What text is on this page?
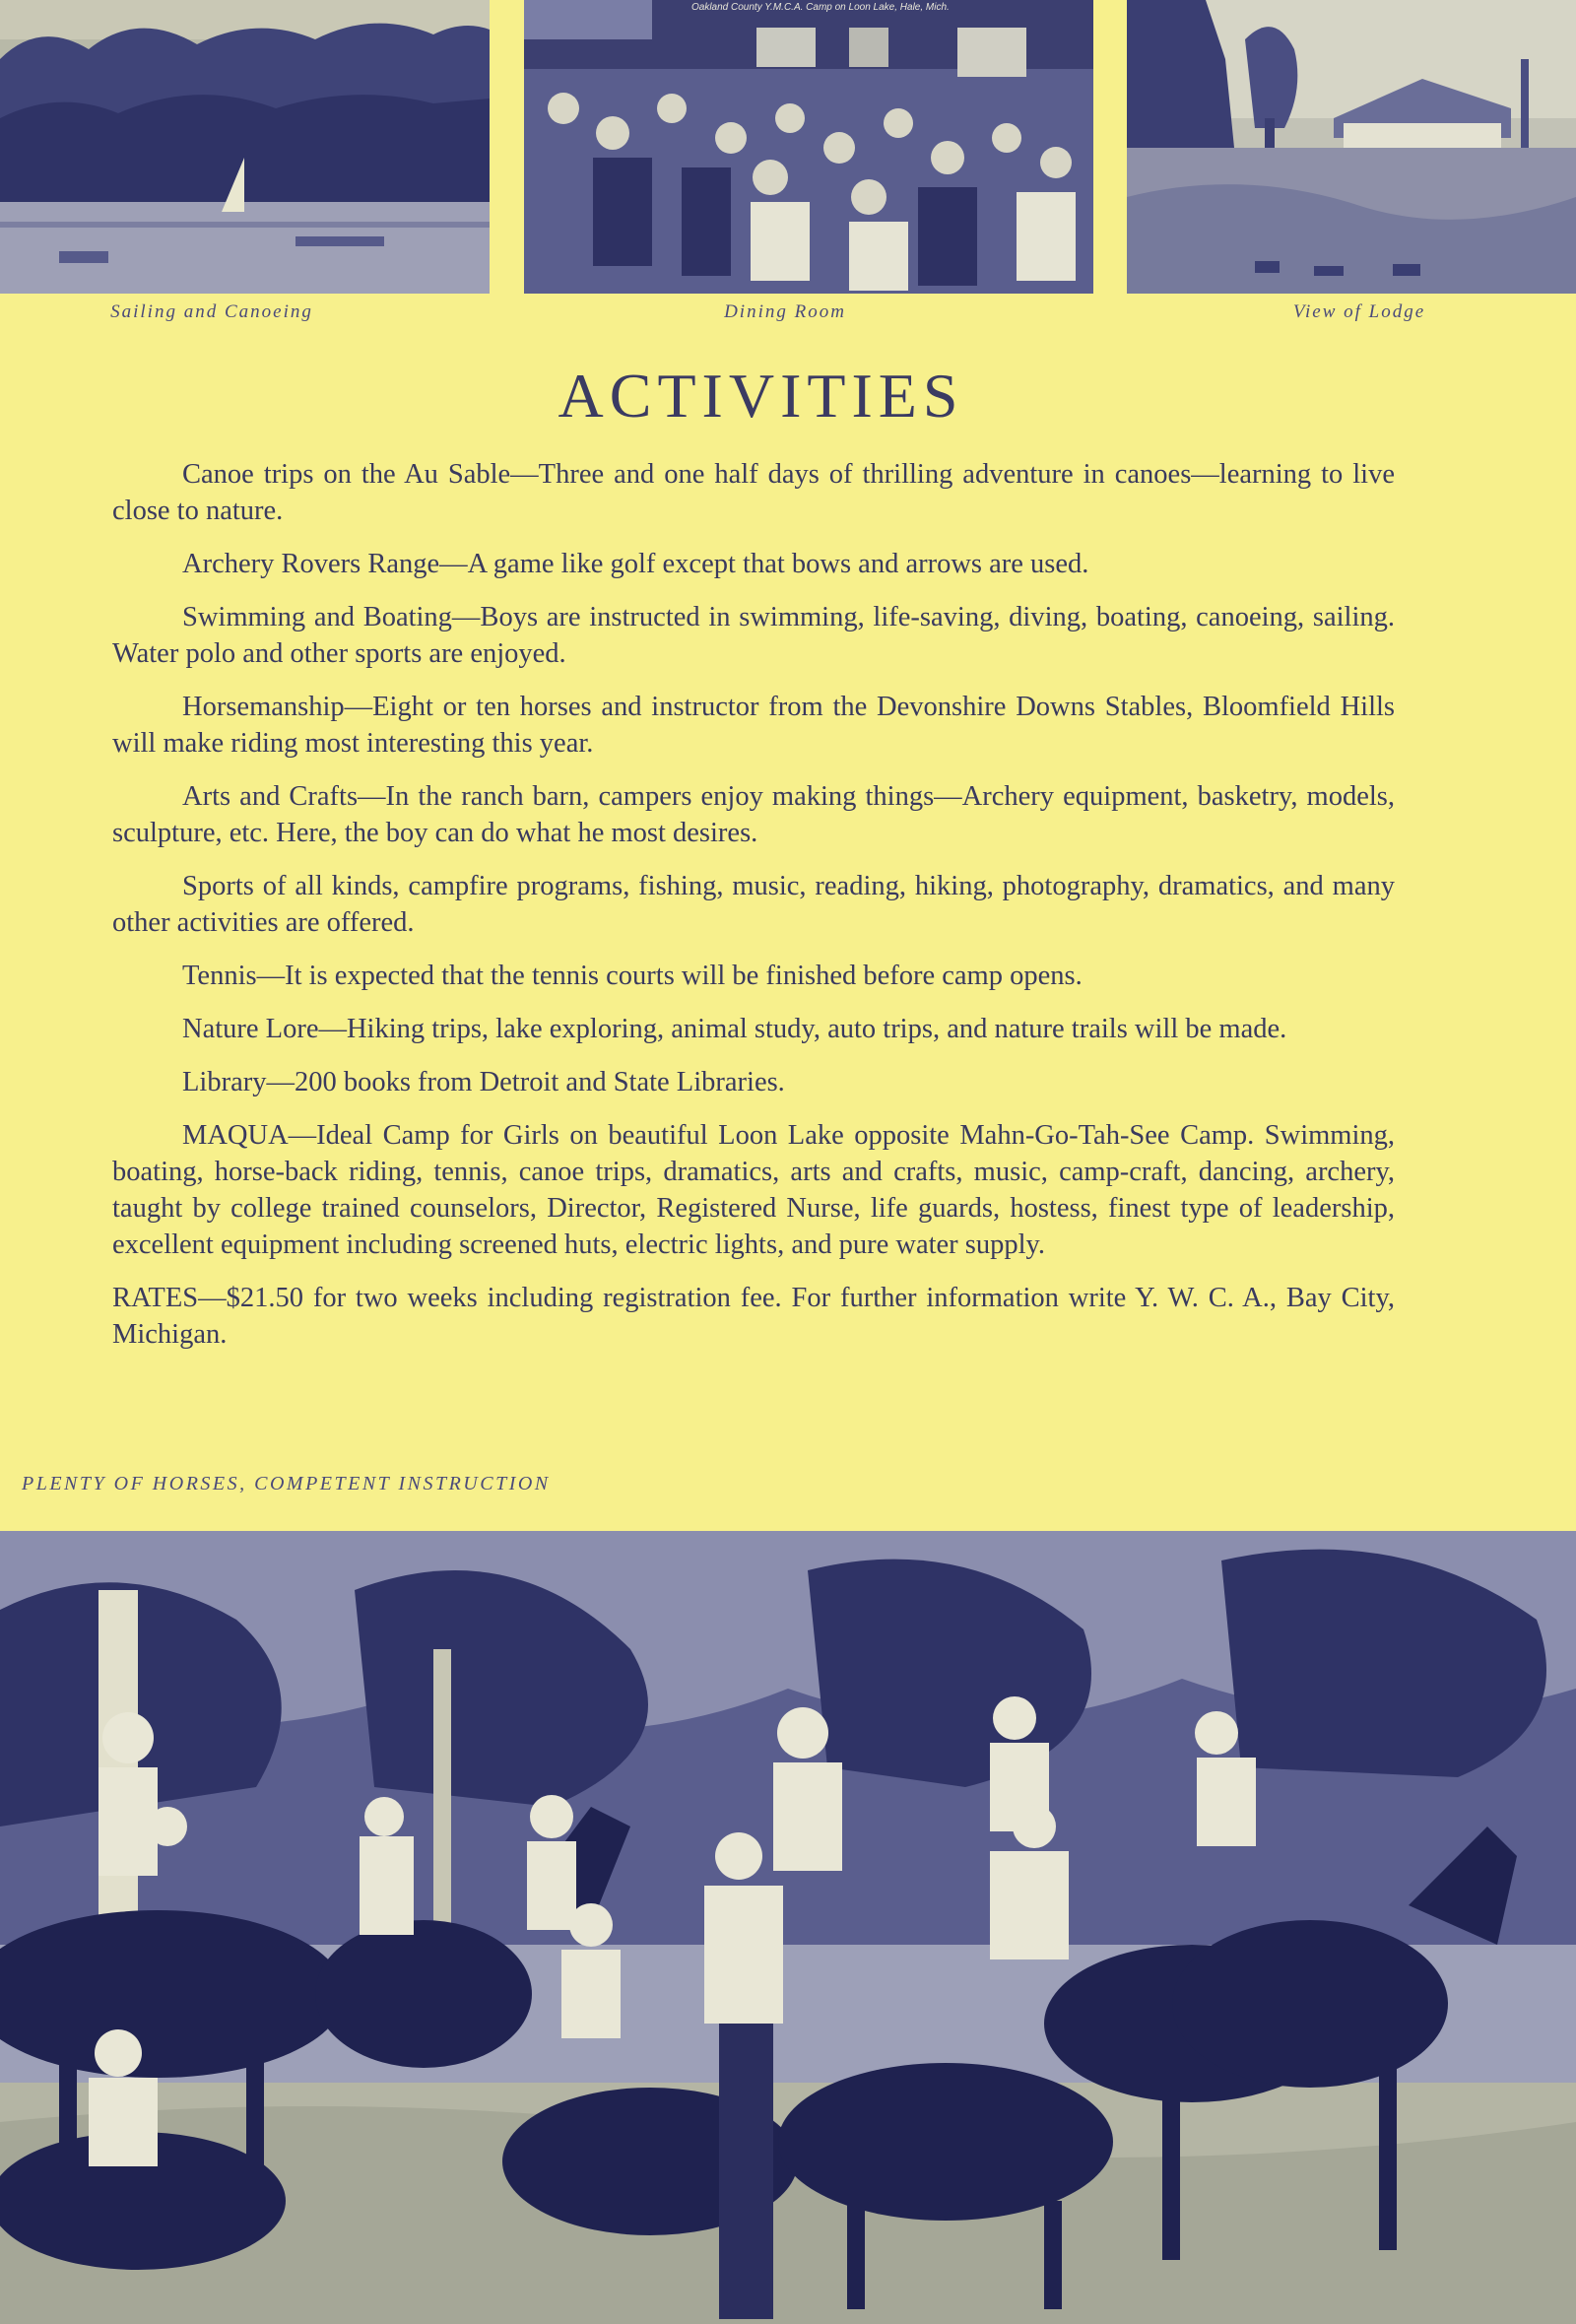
Sailing and Canoeing
Oakland County Y.M.C.A. Camp on Loon Lake, Hale, Mich.
Dining Room	View of Lodge
ACTIVITIES

Canoe trips on the Au Sable—Three and one half days of thrilling adventure in canoes—learning to live close to nature.

Archery Rovers Range—A game like golf except that bows and arrows are used.

Swimming and Boating—Boys are instructed in swimming, life-saving, diving, boating, canoeing, sailing. Water polo and other sports are enjoyed.

Horsemanship—Eight or ten horses and instructor from the Devonshire Downs Stables, Bloomfield Hills will make riding most interesting this year.

Arts and Crafts—In the ranch barn, campers enjoy making things—Archery equipment, basketry, models, sculpture, etc. Here, the boy can do what he most desires.

Sports of all kinds, campfire programs, fishing, music, reading, hiking, photography, dramatics, and many other activities are offered.

Tennis—It is expected that the tennis courts will be finished before camp opens.

Nature Lore—Hiking trips, lake exploring, animal study, auto trips, and nature trails will be made.

Library—200 books from Detroit and State Libraries.

MAQUA—Ideal Camp for Girls on beautiful Loon Lake opposite Mahn-Go-Tah-See Camp. Swimming, boating, horse-back riding, tennis, canoe trips, dramatics, arts and crafts, music, camp-craft, dancing, archery, taught by college trained counselors, Director, Registered Nurse, life guards, hostess, finest type of leadership, excellent equipment including screened huts, electric lights, and pure water supply.

RATES—$21.50 for two weeks including registration fee. For further information write Y. W. C. A., Bay City, Michigan.

PLENTY OF HORSES, COMPETENT INSTRUCTION
